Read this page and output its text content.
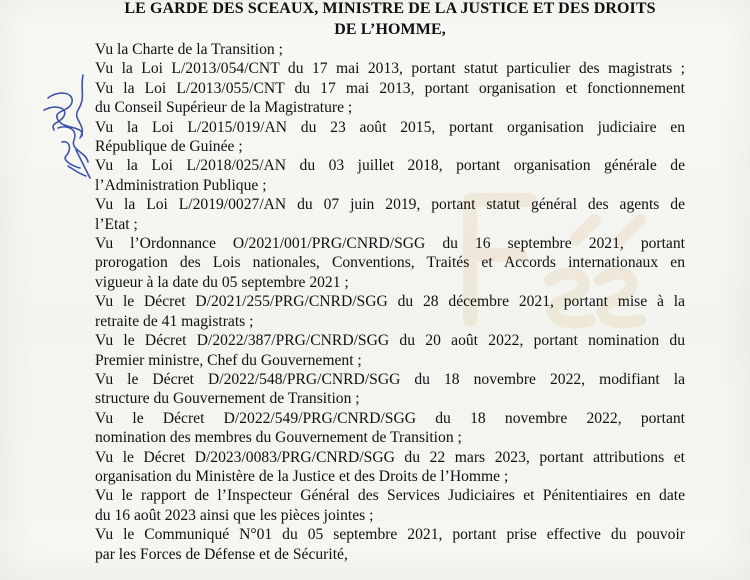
LE GARDE DES SCEAUX, MINISTRE DE LA JUSTICE ET DES DROITS
DE L’HOMME,
Vu la Charte de la Transition ;
Vu la Loi L/2013/054/CNT du 17 mai 2013, portant statut particulier des magistrats ;
Vu la Loi L/2013/055/CNT du 17 mai 2013, portant organisation et fonctionnement
du Conseil Supérieur de la Magistrature ;
Vu la Loi L/2015/019/AN du 23 août 2015, portant organisation judiciaire en
République de Guinée ;
Vu la Loi L/2018/025/AN du 03 juillet 2018, portant organisation générale de
l’Administration Publique ;
Vu la Loi L/2019/0027/AN du 07 juin 2019, portant statut général des agents de
l’Etat ;
Vu l’Ordonnance O/2021/001/PRG/CNRD/SGG du 16 septembre 2021, portant
prorogation des Lois nationales, Conventions, Traités et Accords internationaux en
vigueur à la date du 05 septembre 2021 ;
Vu le Décret D/2021/255/PRG/CNRD/SGG du 28 décembre 2021, portant mise à la
retraite de 41 magistrats ;
Vu le Décret D/2022/387/PRG/CNRD/SGG du 20 août 2022, portant nomination du
Premier ministre, Chef du Gouvernement ;
Vu le Décret D/2022/548/PRG/CNRD/SGG du 18 novembre 2022, modifiant la
structure du Gouvernement de Transition ;
Vu le Décret D/2022/549/PRG/CNRD/SGG du 18 novembre 2022, portant
nomination des membres du Gouvernement de Transition ;
Vu le Décret D/2023/0083/PRG/CNRD/SGG du 22 mars 2023, portant attributions et
organisation du Ministère de la Justice et des Droits de l’Homme ;
Vu le rapport de l’Inspecteur Général des Services Judiciaires et Pénitentiaires en date
du 16 août 2023 ainsi que les pièces jointes ;
Vu le Communiqué N°01 du 05 septembre 2021, portant prise effective du pouvoir
par les Forces de Défense et de Sécurité,
